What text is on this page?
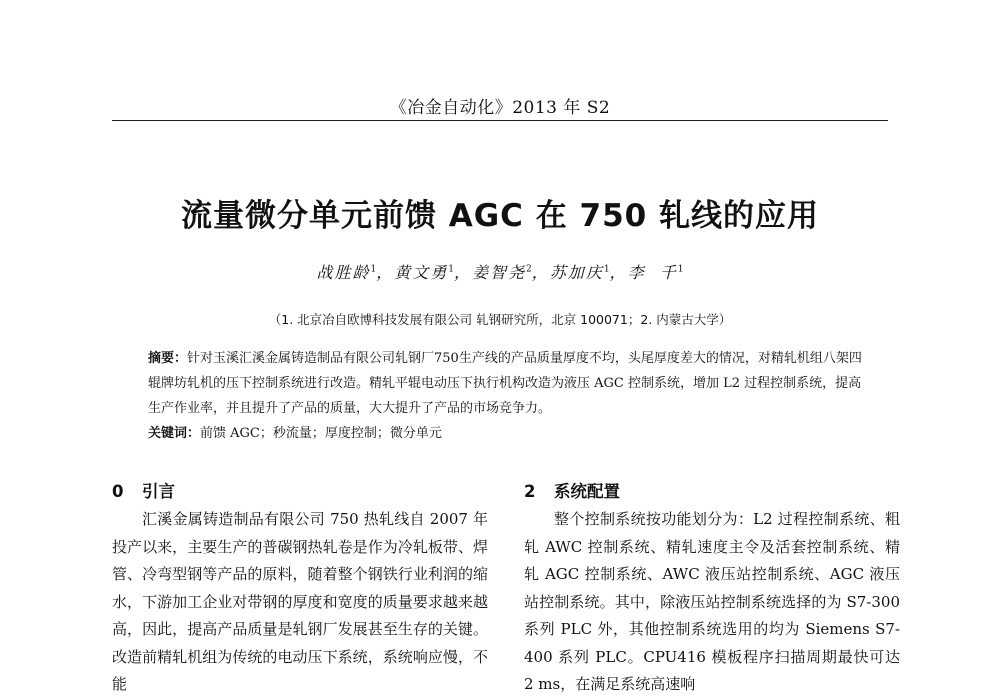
《冶金自动化》2013 年 S2
流量微分单元前馈 AGC 在 750 轧线的应用
战胜龄$^1$，黄文勇$^1$，姜智尧$^2$，苏加庆$^1$，李  千$^1$
（1. 北京冶自欧博科技发展有限公司 轧钢研究所，北京 100071；2. 内蒙古大学）
摘要：针对玉溪汇溪金属铸造制品有限公司轧钢厂750生产线的产品质量厚度不均，头尾厚度差大的情况，对精轧机组八架四辊牌坊轧机的压下控制系统进行改造。精轧平辊电动压下执行机构改造为液压 AGC 控制系统，增加 L2 过程控制系统，提高生产作业率，并且提升了产品的质量，大大提升了产品的市场竞争力。
关键词：前馈 AGC；秒流量；厚度控制；微分单元
0 引言

汇溪金属铸造制品有限公司 750 热轧线自 2007 年投产以来，主要生产的普碳钢热轧卷是作为冷轧板带、焊管、冷弯型钢等产品的原料，随着整个钢铁行业利润的缩水，下游加工企业对带钢的厚度和宽度的质量要求越来越高，因此，提高产品质量是轧钢厂发展甚至生存的关键。改造前精轧机组为传统的电动压下系统，系统响应慢，不能

2 系统配置

整个控制系统按功能划分为：L2 过程控制系统、粗轧 AWC 控制系统、精轧速度主令及活套控制系统、精轧 AGC 控制系统、AWC 液压站控制系统、AGC 液压站控制系统。其中，除液压站控制系统选择的为 S7-300 系列 PLC 外，其他控制系统选用的均为 Siemens S7-400 系列 PLC。CPU416 模板程序扫描周期最快可达 2 ms，在满足系统高速响
